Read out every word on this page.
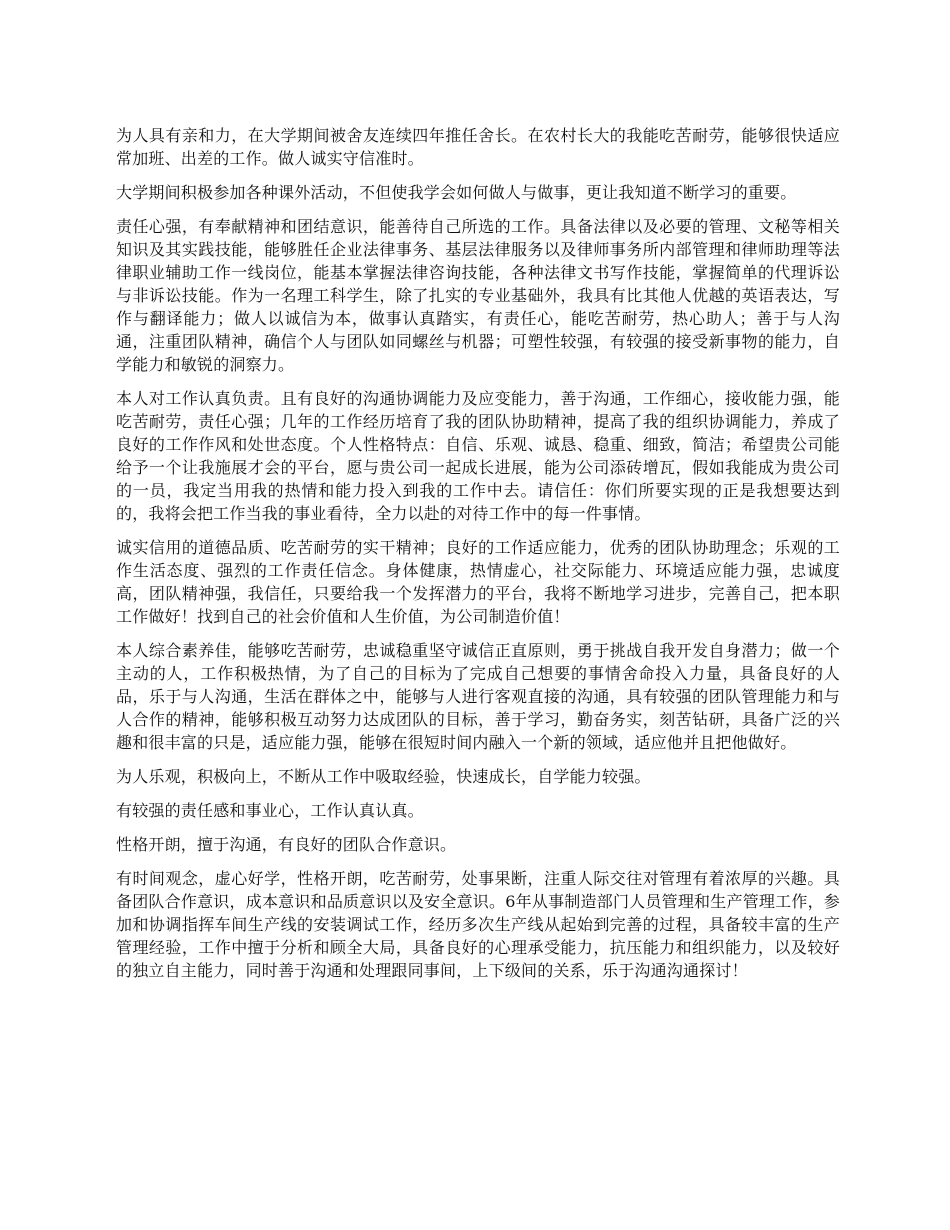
为人具有亲和力，在大学期间被舍友连续四年推任舍长。在农村长大的我能吃苦耐劳，能够很快适应常加班、出差的工作。做人诚实守信准时。

大学期间积极参加各种课外活动，不但使我学会如何做人与做事，更让我知道不断学习的重要。

责任心强，有奉献精神和团结意识，能善待自己所选的工作。具备法律以及必要的管理、文秘等相关知识及其实践技能，能够胜任企业法律事务、基层法律服务以及律师事务所内部管理和律师助理等法律职业辅助工作一线岗位，能基本掌握法律咨询技能，各种法律文书写作技能，掌握简单的代理诉讼与非诉讼技能。作为一名理工科学生，除了扎实的专业基础外，我具有比其他人优越的英语表达，写作与翻译能力；做人以诚信为本，做事认真踏实，有责任心，能吃苦耐劳，热心助人；善于与人沟通，注重团队精神，确信个人与团队如同螺丝与机器；可塑性较强，有较强的接受新事物的能力，自学能力和敏锐的洞察力。

本人对工作认真负责。且有良好的沟通协调能力及应变能力，善于沟通，工作细心，接收能力强，能吃苦耐劳，责任心强；几年的工作经历培育了我的团队协助精神，提高了我的组织协调能力，养成了良好的工作作风和处世态度。个人性格特点：自信、乐观、诚恳、稳重、细致，简洁；希望贵公司能给予一个让我施展才会的平台，愿与贵公司一起成长进展，能为公司添砖增瓦，假如我能成为贵公司的一员，我定当用我的热情和能力投入到我的工作中去。请信任：你们所要实现的正是我想要达到的，我将会把工作当我的事业看待，全力以赴的对待工作中的每一件事情。

诚实信用的道德品质、吃苦耐劳的实干精神；良好的工作适应能力，优秀的团队协助理念；乐观的工作生活态度、强烈的工作责任信念。身体健康，热情虚心，社交际能力、环境适应能力强，忠诚度高，团队精神强，我信任，只要给我一个发挥潜力的平台，我将不断地学习进步，完善自己，把本职工作做好！找到自己的社会价值和人生价值，为公司制造价值！

本人综合素养佳，能够吃苦耐劳，忠诚稳重坚守诚信正直原则，勇于挑战自我开发自身潜力；做一个主动的人，工作积极热情，为了自己的目标为了完成自己想要的事情舍命投入力量，具备良好的人品，乐于与人沟通，生活在群体之中，能够与人进行客观直接的沟通，具有较强的团队管理能力和与人合作的精神，能够积极互动努力达成团队的目标，善于学习，勤奋务实，刻苦钻研，具备广泛的兴趣和很丰富的只是，适应能力强，能够在很短时间内融入一个新的领域，适应他并且把他做好。

为人乐观，积极向上，不断从工作中吸取经验，快速成长，自学能力较强。

有较强的责任感和事业心，工作认真认真。

性格开朗，擅于沟通，有良好的团队合作意识。

有时间观念，虚心好学，性格开朗，吃苦耐劳，处事果断，注重人际交往对管理有着浓厚的兴趣。具备团队合作意识，成本意识和品质意识以及安全意识。6年从事制造部门人员管理和生产管理工作，参加和协调指挥车间生产线的安装调试工作，经历多次生产线从起始到完善的过程，具备较丰富的生产管理经验，工作中擅于分析和顾全大局，具备良好的心理承受能力，抗压能力和组织能力，以及较好的独立自主能力，同时善于沟通和处理跟同事间，上下级间的关系，乐于沟通沟通探讨！
